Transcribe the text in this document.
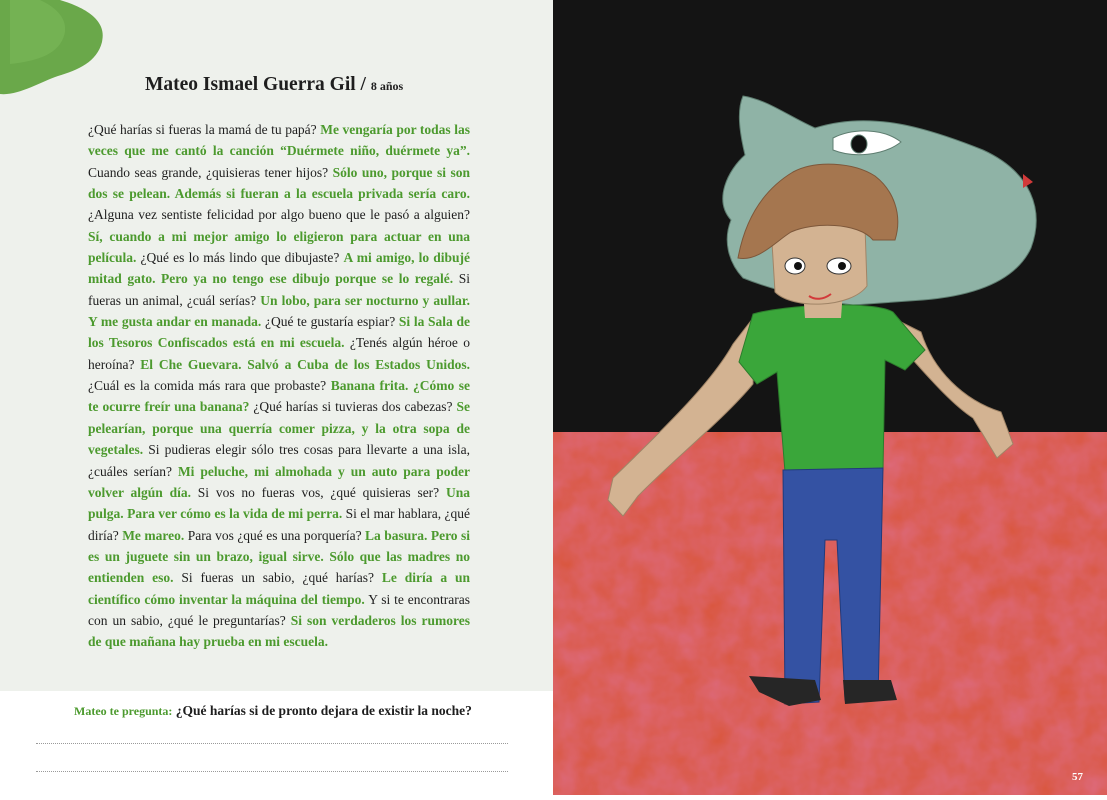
Mateo Ismael Guerra Gil / 8 años

¿Qué harías si fueras la mamá de tu papá? Me vengaría por todas las veces que me cantó la canción “Duérmete niño, duérmete ya”. Cuando seas grande, ¿quisieras tener hijos? Sólo uno, porque si son dos se pelean. Además si fueran a la escuela privada sería caro. ¿Alguna vez sentiste felicidad por algo bueno que le pasó a alguien? Sí, cuando a mi mejor amigo lo eligieron para actuar en una película. ¿Qué es lo más lindo que dibujaste? A mi amigo, lo dibujé mitad gato. Pero ya no tengo ese dibujo porque se lo regalé. Si fueras un animal, ¿cuál serías? Un lobo, para ser nocturno y aullar. Y me gusta andar en manada. ¿Qué te gustaría espiar? Si la Sala de los Tesoros Confiscados está en mi escuela. ¿Tenés algún héroe o heroína? El Che Guevara. Salvó a Cuba de los Estados Unidos. ¿Cuál es la comida más rara que probaste? Banana frita. ¿Cómo se te ocurre freír una banana? ¿Qué harías si tuvieras dos cabezas? Se pelearían, porque una querría comer pizza, y la otra sopa de vegetales. Si pudieras elegir sólo tres cosas para llevarte a una isla, ¿cuáles serían? Mi peluche, mi almohada y un auto para poder volver algún día. Si vos no fueras vos, ¿qué quisieras ser? Una pulga. Para ver cómo es la vida de mi perra. Si el mar hablara, ¿qué diría? Me mareo. Para vos ¿qué es una porquería? La basura. Pero si es un juguete sin un brazo, igual sirve. Sólo que las madres no entienden eso. Si fueras un sabio, ¿qué harías? Le diría a un científico cómo inventar la máquina del tiempo. Y si te encontraras con un sabio, ¿qué le preguntarías? Si son verdaderos los rumores de que mañana hay prueba en mi escuela.

Mateo te pregunta: ¿Qué harías si de pronto dejara de existir la noche?
57
